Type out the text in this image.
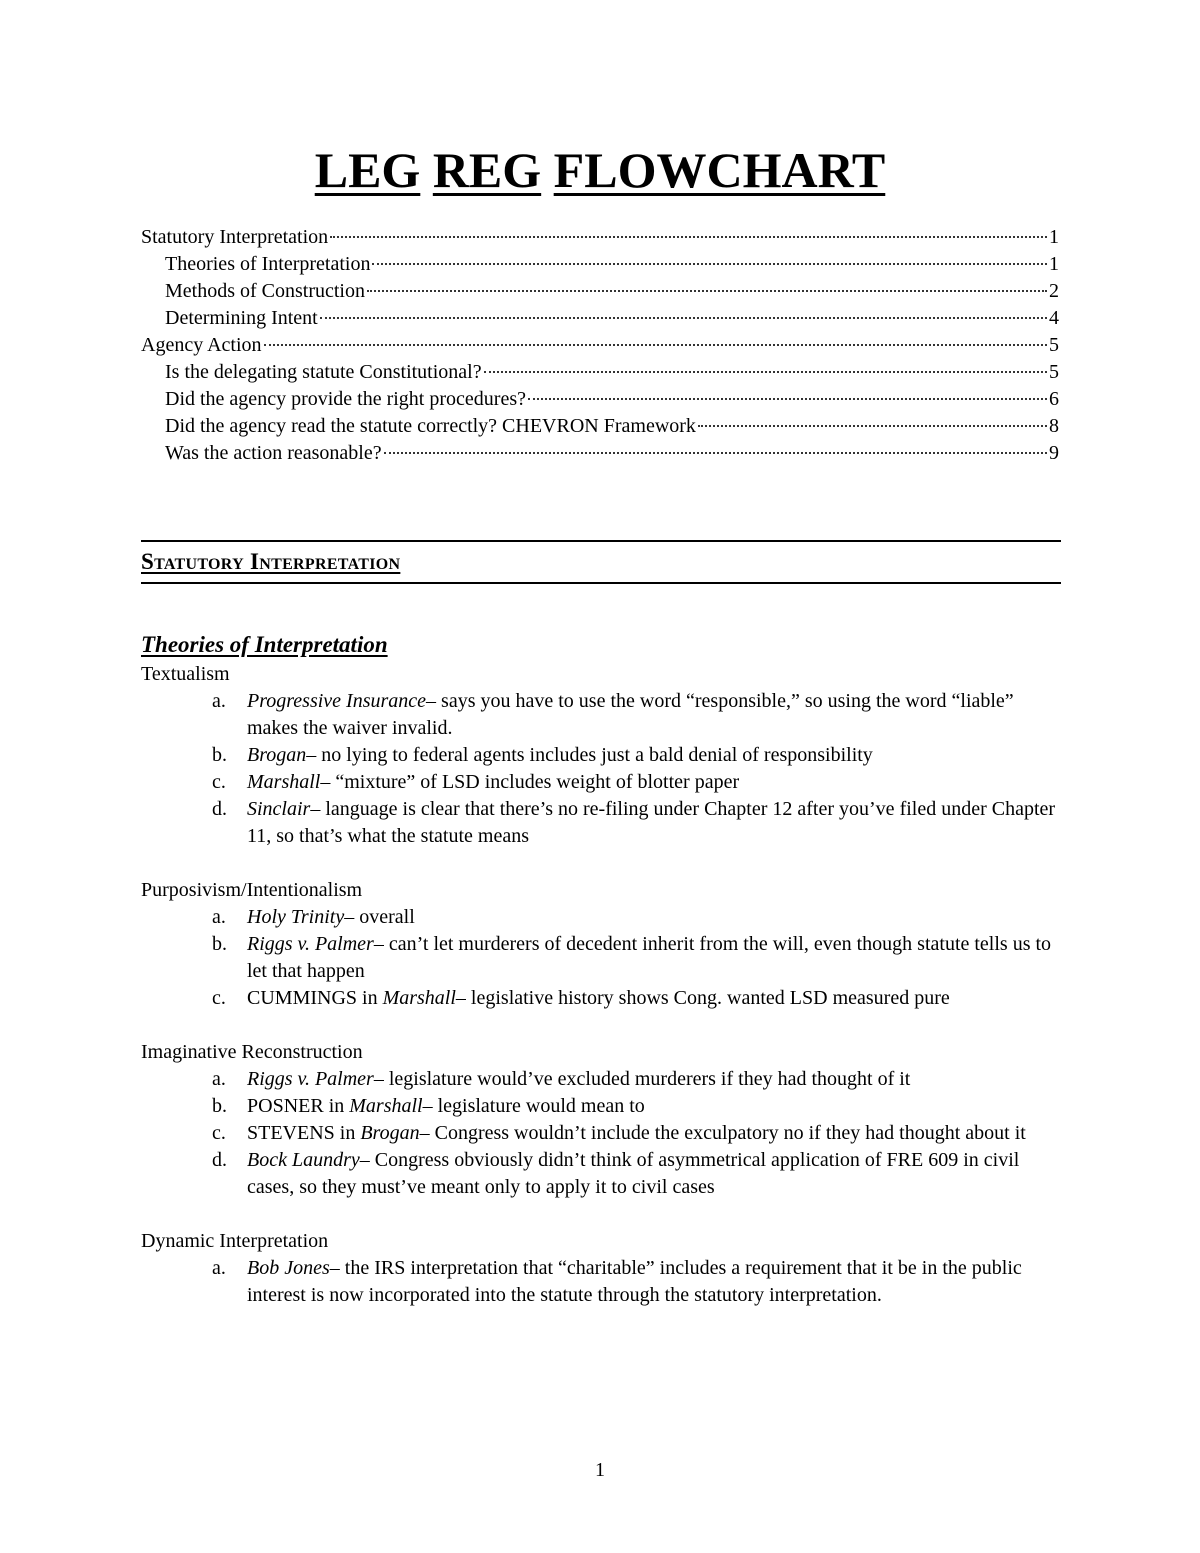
LEG REG FLOWCHART
Statutory Interpretation	1
Theories of Interpretation	1
Methods of Construction	2
Determining Intent	4
Agency Action	5
Is the delegating statute Constitutional?	5
Did the agency provide the right procedures?	6
Did the agency read the statute correctly? CHEVRON Framework	8
Was the action reasonable?	9
Statutory Interpretation
Theories of Interpretation
Textualism
a.	Progressive Insurance– says you have to use the word “responsible,” so using the word “liable” makes the waiver invalid.
b.	Brogan– no lying to federal agents includes just a bald denial of responsibility
c.	Marshall– “mixture” of LSD includes weight of blotter paper
d.	Sinclair– language is clear that there’s no re-filing under Chapter 12 after you’ve filed under Chapter 11, so that’s what the statute means
Purposivism/Intentionalism
a.	Holy Trinity– overall
b.	Riggs v. Palmer– can’t let murderers of decedent inherit from the will, even though statute tells us to let that happen
c.	CUMMINGS in Marshall– legislative history shows Cong. wanted LSD measured pure
Imaginative Reconstruction
a.	Riggs v. Palmer– legislature would’ve excluded murderers if they had thought of it
b.	POSNER in Marshall– legislature would mean to
c.	STEVENS in Brogan– Congress wouldn’t include the exculpatory no if they had thought about it
d.	Bock Laundry– Congress obviously didn’t think of asymmetrical application of FRE 609 in civil cases, so they must’ve meant only to apply it to civil cases
Dynamic Interpretation
a.	Bob Jones– the IRS interpretation that “charitable” includes a requirement that it be in the public interest is now incorporated into the statute through the statutory interpretation.
1
